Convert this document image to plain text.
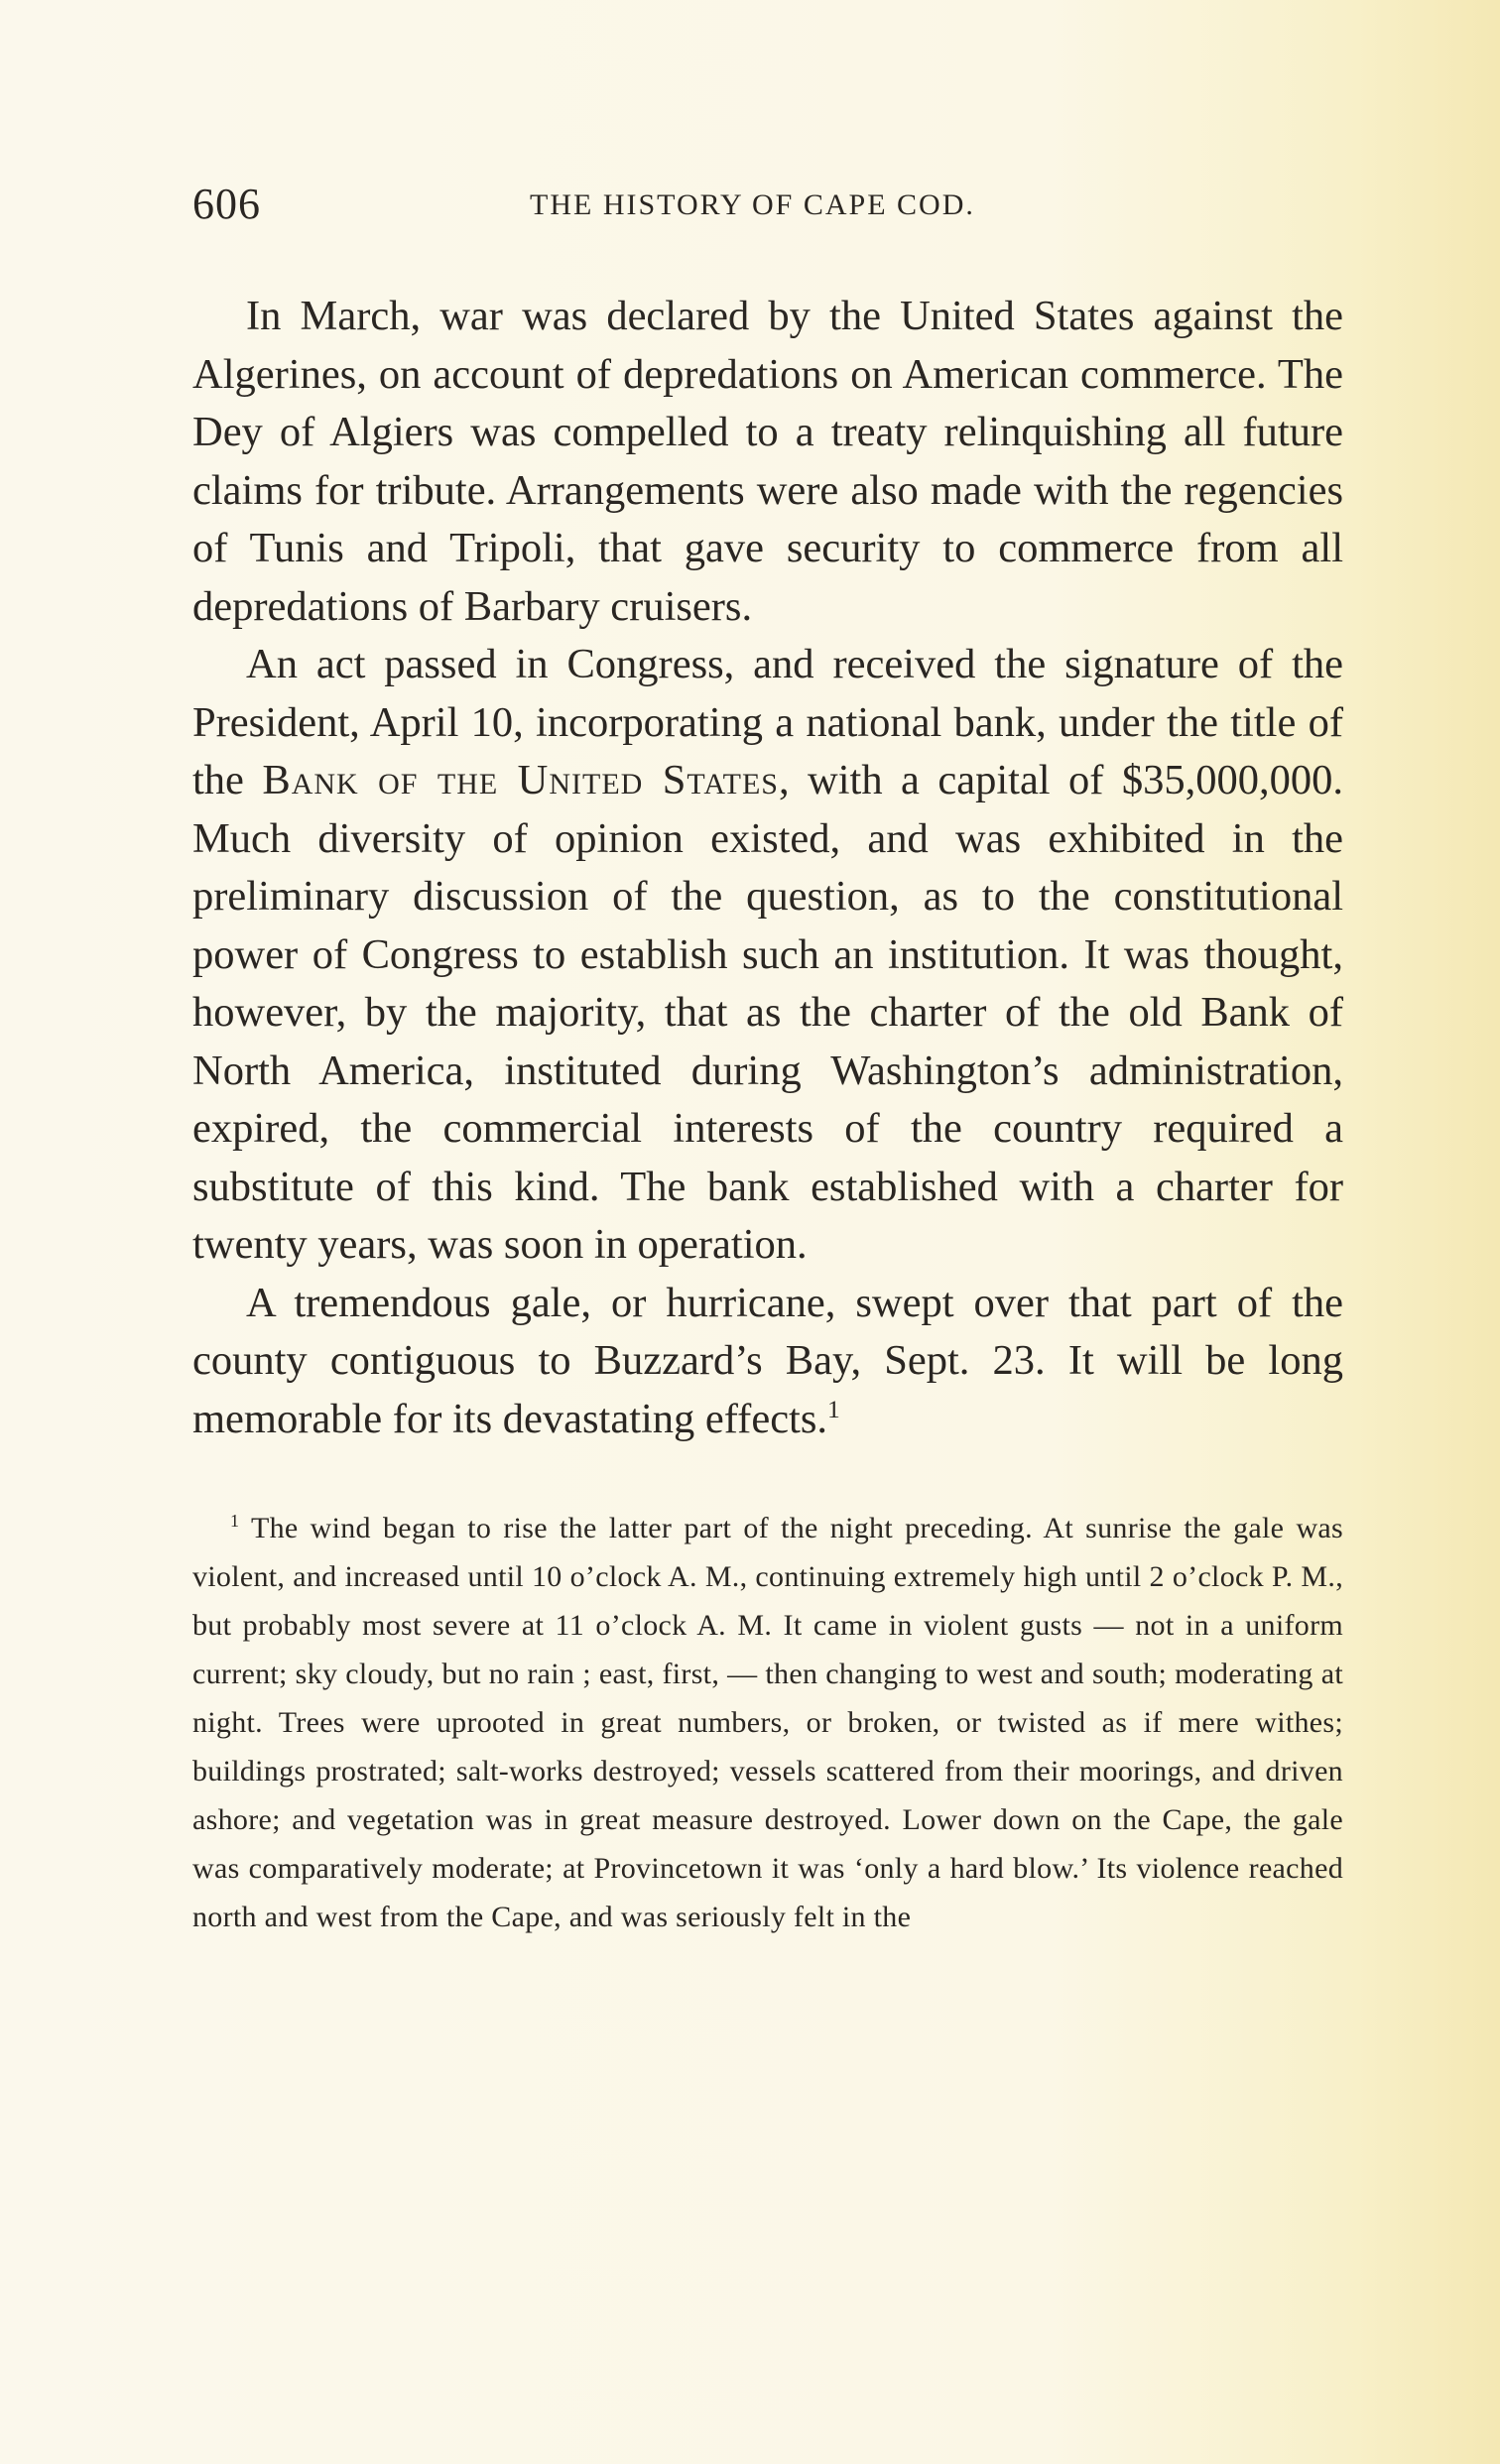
606	THE HISTORY OF CAPE COD.

In March, war was declared by the United States against the Algerines, on account of depredations on American commerce. The Dey of Algiers was compelled to a treaty relinquishing all future claims for tribute. Arrangements were also made with the regencies of Tunis and Tripoli, that gave security to commerce from all depredations of Barbary cruisers.

An act passed in Congress, and received the signature of the President, April 10, incorporating a national bank, under the title of the Bank of the United States, with a capital of $35,000,000. Much diversity of opinion existed, and was exhibited in the preliminary discussion of the question, as to the constitutional power of Congress to establish such an institution. It was thought, however, by the majority, that as the charter of the old Bank of North America, instituted during Washington’s administration, expired, the commercial interests of the country required a substitute of this kind. The bank established with a charter for twenty years, was soon in operation.

A tremendous gale, or hurricane, swept over that part of the county contiguous to Buzzard’s Bay, Sept. 23. It will be long memorable for its devastating effects.$^1$

$^1$ The wind began to rise the latter part of the night preceding. At sunrise the gale was violent, and increased until 10 o’clock A. M., continuing extremely high until 2 o’clock P. M., but probably most severe at 11 o’clock A. M. It came in violent gusts — not in a uniform current; sky cloudy, but no rain ; east, first, — then changing to west and south; moderating at night. Trees were uprooted in great numbers, or broken, or twisted as if mere withes; buildings prostrated; salt-works destroyed; vessels scattered from their moorings, and driven ashore; and vegetation was in great measure destroyed. Lower down on the Cape, the gale was comparatively moderate; at Provincetown it was ‘only a hard blow.’ Its violence reached north and west from the Cape, and was seriously felt in the
